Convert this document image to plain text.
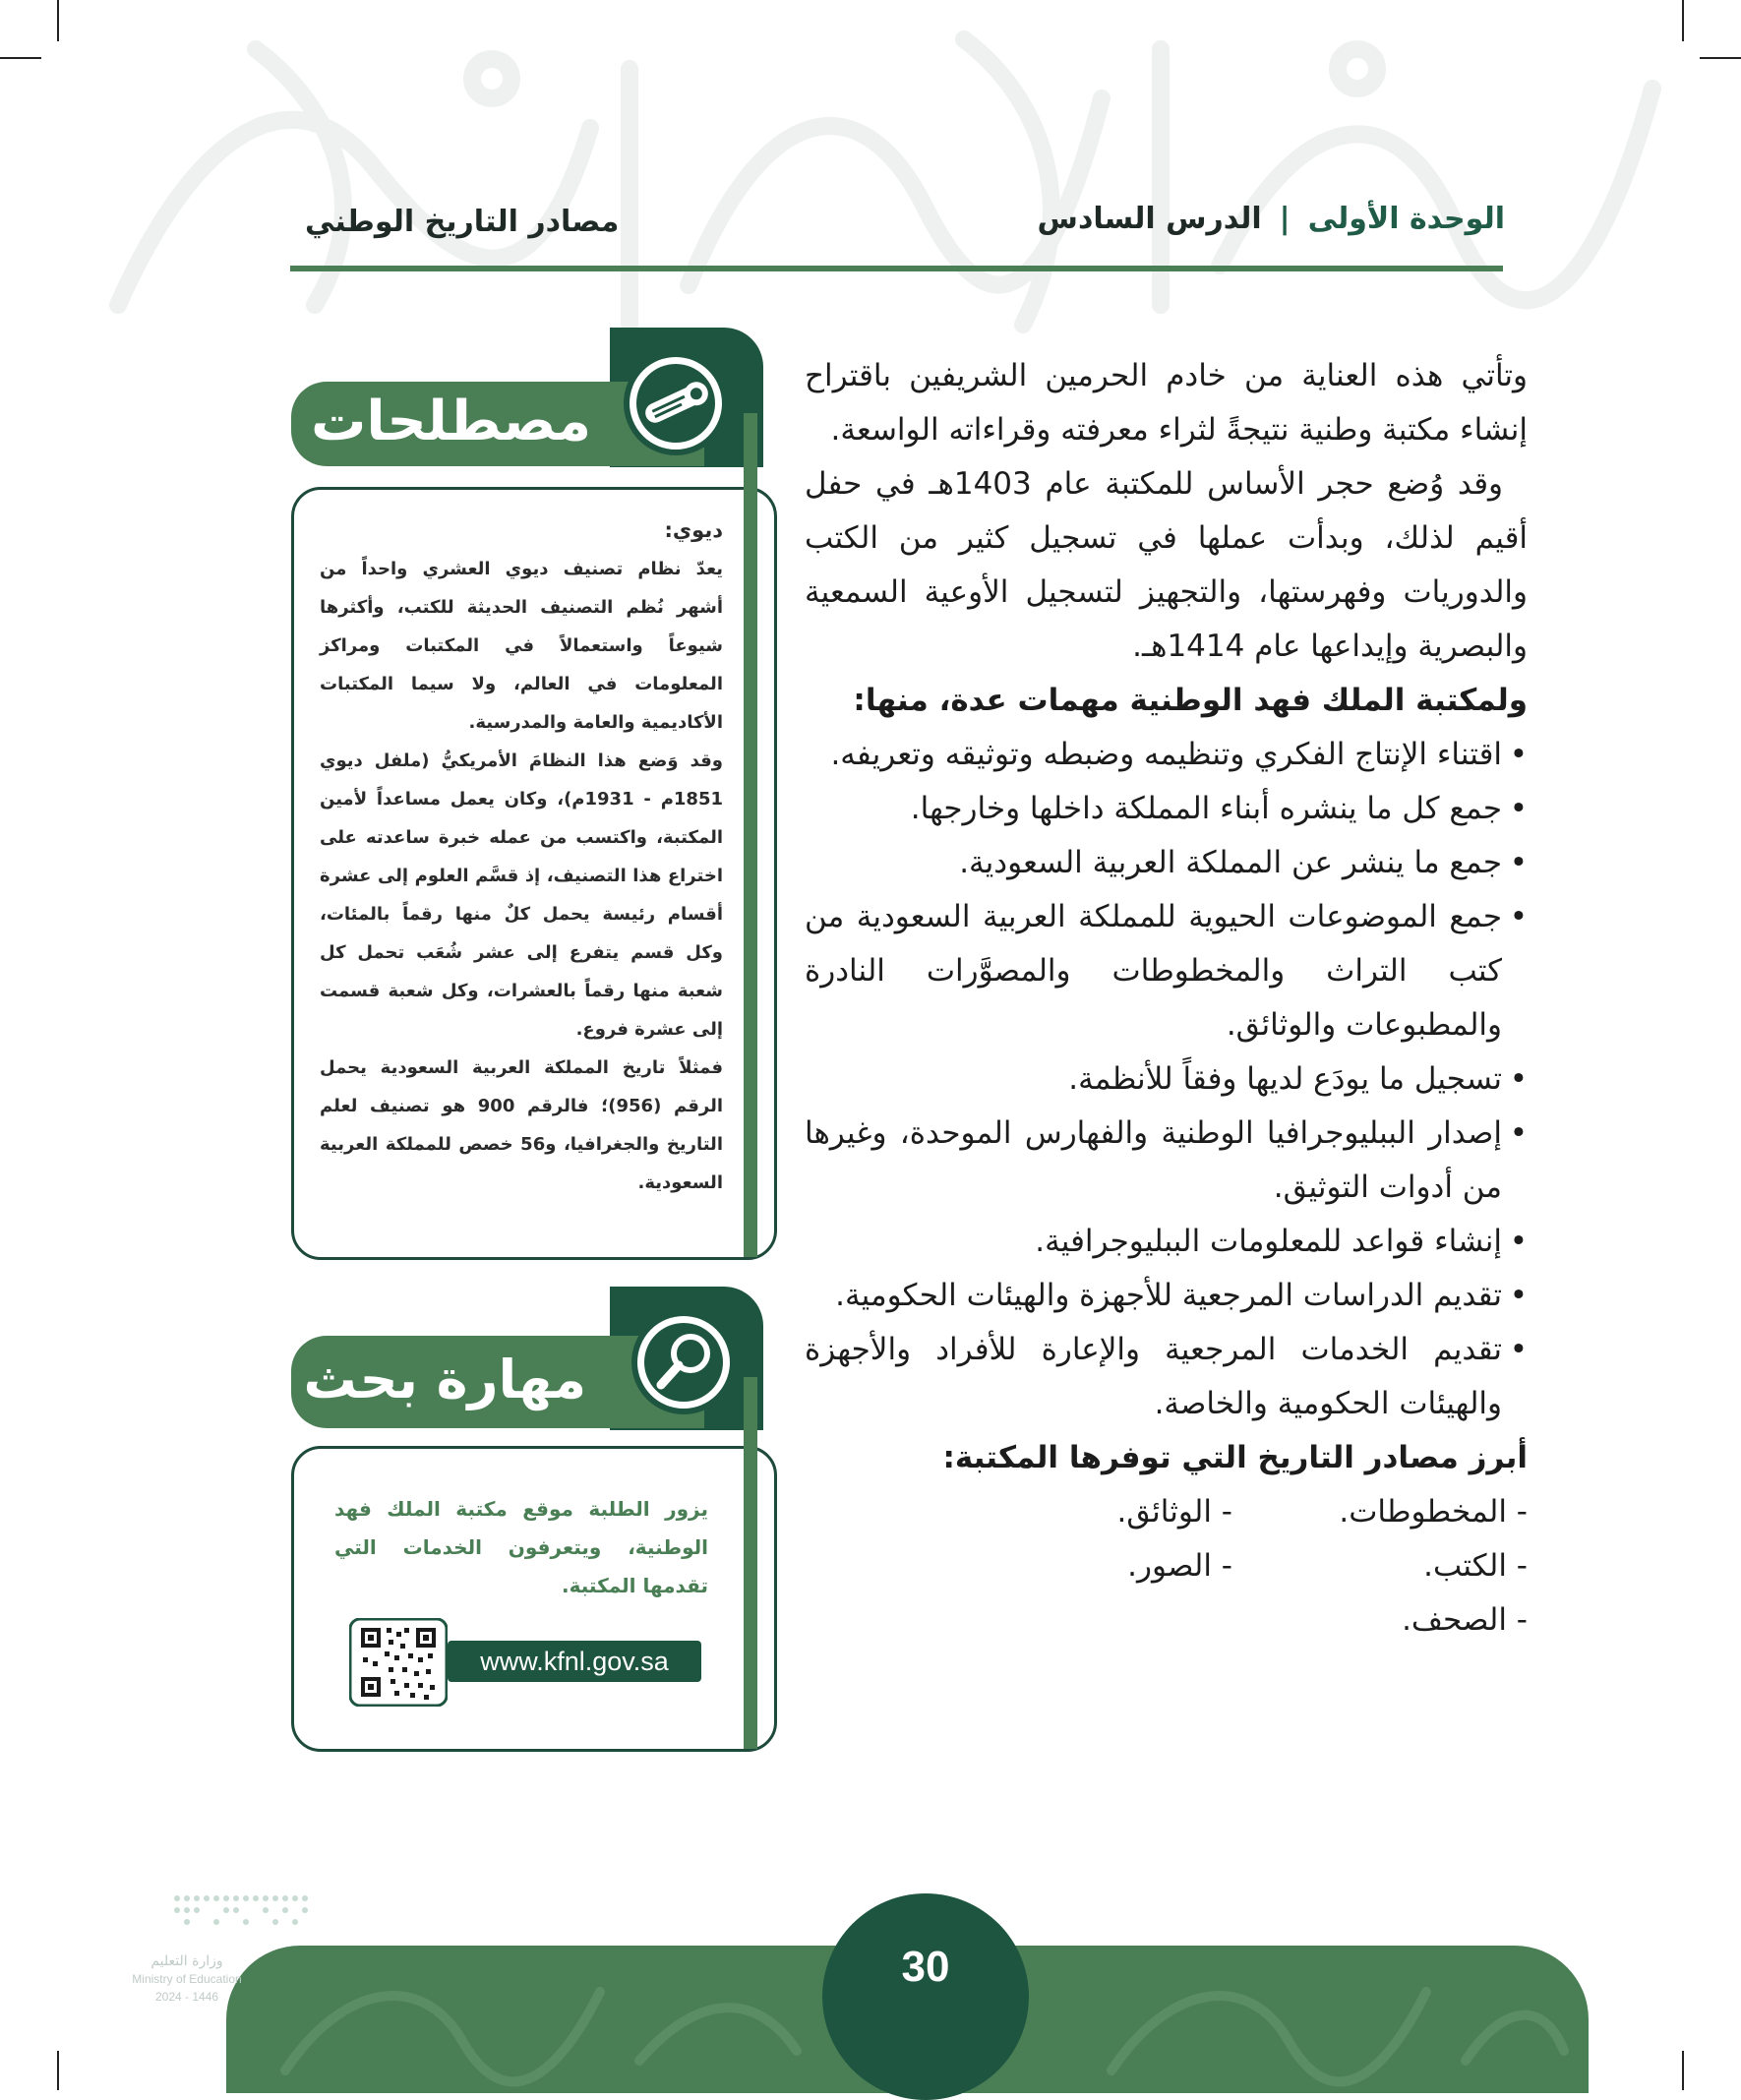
الوحدة الأولى|الدرس السادس
مصادر التاريخ الوطني

وتأتي هذه العناية من خادم الحرمين الشريفين باقتراح إنشاء مكتبة وطنية نتيجةً لثراء معرفته وقراءاته الواسعة.

وقد وُضع حجر الأساس للمكتبة عام 1403هـ في حفل أقيم لذلك، وبدأت عملها في تسجيل كثير من الكتب والدوريات وفهرستها، والتجهيز لتسجيل الأوعية السمعية والبصرية وإيداعها عام 1414هـ.

ولمكتبة الملك فهد الوطنية مهمات عدة، منها:

• اقتناء الإنتاج الفكري وتنظيمه وضبطه وتوثيقه وتعريفه.
• جمع كل ما ينشره أبناء المملكة داخلها وخارجها.
• جمع ما ينشر عن المملكة العربية السعودية.
• جمع الموضوعات الحيوية للمملكة العربية السعودية من كتب التراث والمخطوطات والمصوَّرات النادرة والمطبوعات والوثائق.
• تسجيل ما يودَع لديها وفقاً للأنظمة.
• إصدار الببليوجرافيا الوطنية والفهارس الموحدة، وغيرها من أدوات التوثيق.
• إنشاء قواعد للمعلومات الببليوجرافية.
• تقديم الدراسات المرجعية للأجهزة والهيئات الحكومية.
• تقديم الخدمات المرجعية والإعارة للأفراد والأجهزة والهيئات الحكومية والخاصة.

أبرز مصادر التاريخ التي توفرها المكتبة:

- المخطوطات.
- الوثائق.
- الكتب.
- الصور.
- الصحف.
مصطلحات

ديوي:

يعدّ نظام تصنيف ديوي العشري واحداً من أشهر نُظم التصنيف الحديثة للكتب، وأكثرها شيوعاً واستعمالاً في المكتبات ومراكز المعلومات في العالم، ولا سيما المكتبات الأكاديمية والعامة والمدرسية.

وقد وَضع هذا النظامَ الأمريكيُّ (ملفل ديوي 1851م - 1931م)، وكان يعمل مساعداً لأمين المكتبة، واكتسب من عمله خبرة ساعدته على اختراع هذا التصنيف، إذ قسَّم العلوم إلى عشرة أقسام رئيسة يحمل كلٌ منها رقماً بالمئات، وكل قسم يتفرع إلى عشر شُعَب تحمل كل شعبة منها رقماً بالعشرات، وكل شعبة قسمت إلى عشرة فروع.

فمثلاً تاريخ المملكة العربية السعودية يحمل الرقم (956)؛ فالرقم 900 هو تصنيف لعلم التاريخ والجغرافيا، و56 خصص للمملكة العربية السعودية.

مهارة بحث
يزور الطلبة موقع مكتبة الملك فهد الوطنية، ويتعرفون الخدمات التي تقدمها المكتبة.
www.kfnl.gov.sa
30
وزارة التعليم
Ministry of Education
2024 - 1446
